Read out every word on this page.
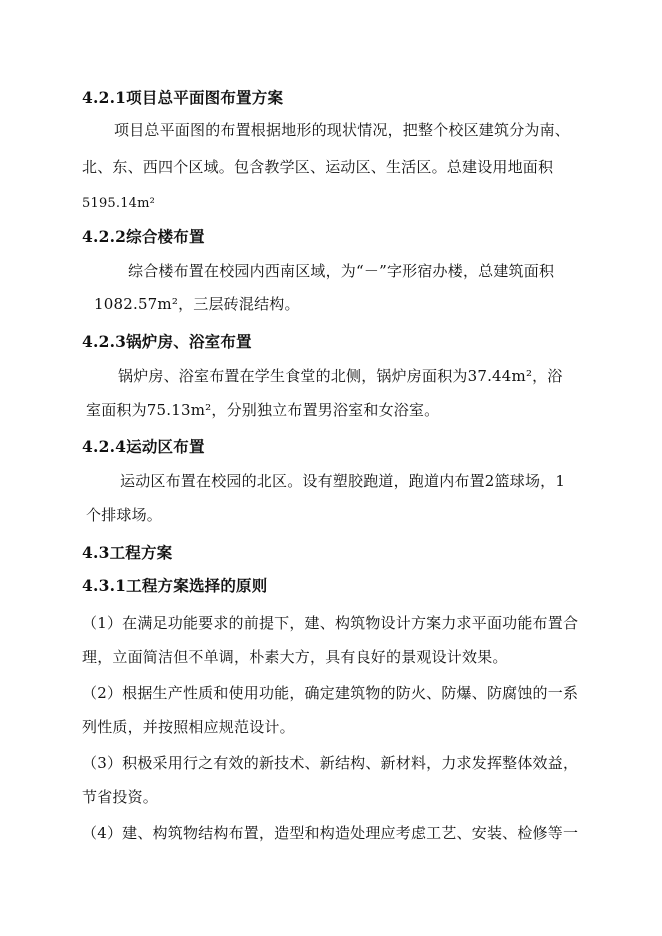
4.2.1项目总平面图布置方案
项目总平面图的布置根据地形的现状情况，把整个校区建筑分为南、
北、东、西四个区域。包含教学区、运动区、生活区。总建设用地面积
5195.14m²
4.2.2综合楼布置
综合楼布置在校园内西南区域，为“－”字形宿办楼，总建筑面积
1082.57m²，三层砖混结构。
4.2.3锅炉房、浴室布置
锅炉房、浴室布置在学生食堂的北侧，锅炉房面积为37.44m²，浴
室面积为75.13m²，分别独立布置男浴室和女浴室。
4.2.4运动区布置
运动区布置在校园的北区。设有塑胶跑道，跑道内布置2篮球场，1
个排球场。
4.3工程方案
4.3.1工程方案选择的原则
（1）在满足功能要求的前提下，建、构筑物设计方案力求平面功能布置合
理，立面简洁但不单调，朴素大方，具有良好的景观设计效果。
（2）根据生产性质和使用功能，确定建筑物的防火、防爆、防腐蚀的一系
列性质，并按照相应规范设计。
（3）积极采用行之有效的新技术、新结构、新材料，力求发挥整体效益，
节省投资。
（4）建、构筑物结构布置，造型和构造处理应考虑工艺、安装、检修等一
